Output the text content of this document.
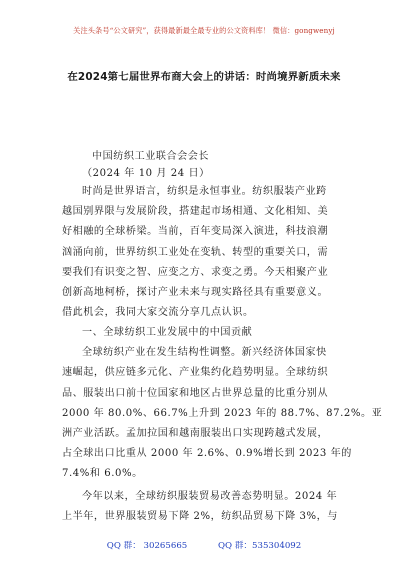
关注头条号“公文研究”，获得最新最全最专业的公文资料库！ 微信：gongwenyj
在2024第七届世界布商大会上的讲话：时尚境界新质未来
中国纺织工业联合会会长
（2024 年 10 月 24 日）
时尚是世界语言，纺织是永恒事业。纺织服装产业跨
越国别界限与发展阶段，搭建起市场相通、文化相知、美
好相融的全球桥梁。当前，百年变局深入演进，科技浪潮
汹涌向前，世界纺织工业处在变轨、转型的重要关口，需
要我们有识变之智、应变之方、求变之勇。今天相聚产业
创新高地柯桥，探讨产业未来与现实路径具有重要意义。
借此机会，我同大家交流分享几点认识。
一、全球纺织工业发展中的中国贡献
全球纺织产业在发生结构性调整。新兴经济体国家快
速崛起，供应链多元化、产业集约化趋势明显。全球纺织
品、服装出口前十位国家和地区占世界总量的比重分别从
2000 年 80.0%、66.7%上升到 2023 年的 88.7%、87.2%。亚
洲产业活跃。孟加拉国和越南服装出口实现跨越式发展，
占全球出口比重从 2000 年 2.6%、0.9%增长到 2023 年的
7.4%和 6.0%。
今年以来，全球纺织服装贸易改善态势明显。2024 年
上半年，世界服装贸易下降 2%，纺织品贸易下降 3%，与
QQ 群： 30265665	QQ 群：535304092
